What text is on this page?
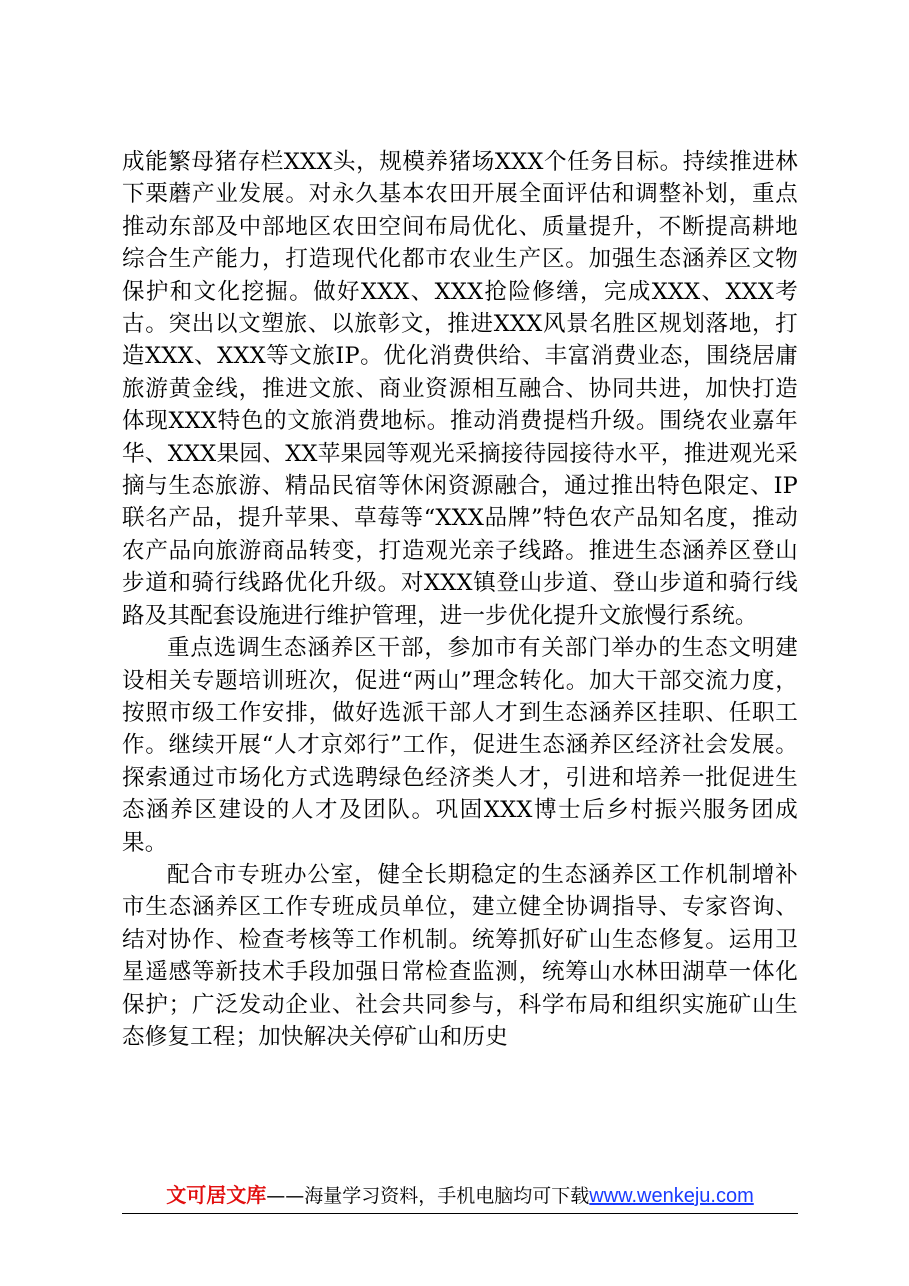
成能繁母猪存栏XXX头，规模养猪场XXX个任务目标。持续推进林下栗蘑产业发展。对永久基本农田开展全面评估和调整补划，重点推动东部及中部地区农田空间布局优化、质量提升，不断提高耕地综合生产能力，打造现代化都市农业生产区。加强生态涵养区文物保护和文化挖掘。做好XXX、XXX抢险修缮，完成XXX、XXX考古。突出以文塑旅、以旅彰文，推进XXX风景名胜区规划落地，打造XXX、XXX等文旅IP。优化消费供给、丰富消费业态，围绕居庸旅游黄金线，推进文旅、商业资源相互融合、协同共进，加快打造体现XXX特色的文旅消费地标。推动消费提档升级。围绕农业嘉年华、XXX果园、XX苹果园等观光采摘接待园接待水平，推进观光采摘与生态旅游、精品民宿等休闲资源融合，通过推出特色限定、IP联名产品，提升苹果、草莓等“XXX品牌”特色农产品知名度，推动农产品向旅游商品转变，打造观光亲子线路。推进生态涵养区登山步道和骑行线路优化升级。对XXX镇登山步道、登山步道和骑行线路及其配套设施进行维护管理，进一步优化提升文旅慢行系统。

重点选调生态涵养区干部，参加市有关部门举办的生态文明建设相关专题培训班次，促进“两山”理念转化。加大干部交流力度，按照市级工作安排，做好选派干部人才到生态涵养区挂职、任职工作。继续开展“人才京郊行”工作，促进生态涵养区经济社会发展。探索通过市场化方式选聘绿色经济类人才，引进和培养一批促进生态涵养区建设的人才及团队。巩固XXX博士后乡村振兴服务团成果。

配合市专班办公室，健全长期稳定的生态涵养区工作机制增补市生态涵养区工作专班成员单位，建立健全协调指导、专家咨询、结对协作、检查考核等工作机制。统筹抓好矿山生态修复。运用卫星遥感等新技术手段加强日常检查监测，统筹山水林田湖草一体化保护；广泛发动企业、社会共同参与，科学布局和组织实施矿山生态修复工程；加快解决关停矿山和历史

文可居文库——海量学习资料，手机电脑均可下载www.wenkeju.com
